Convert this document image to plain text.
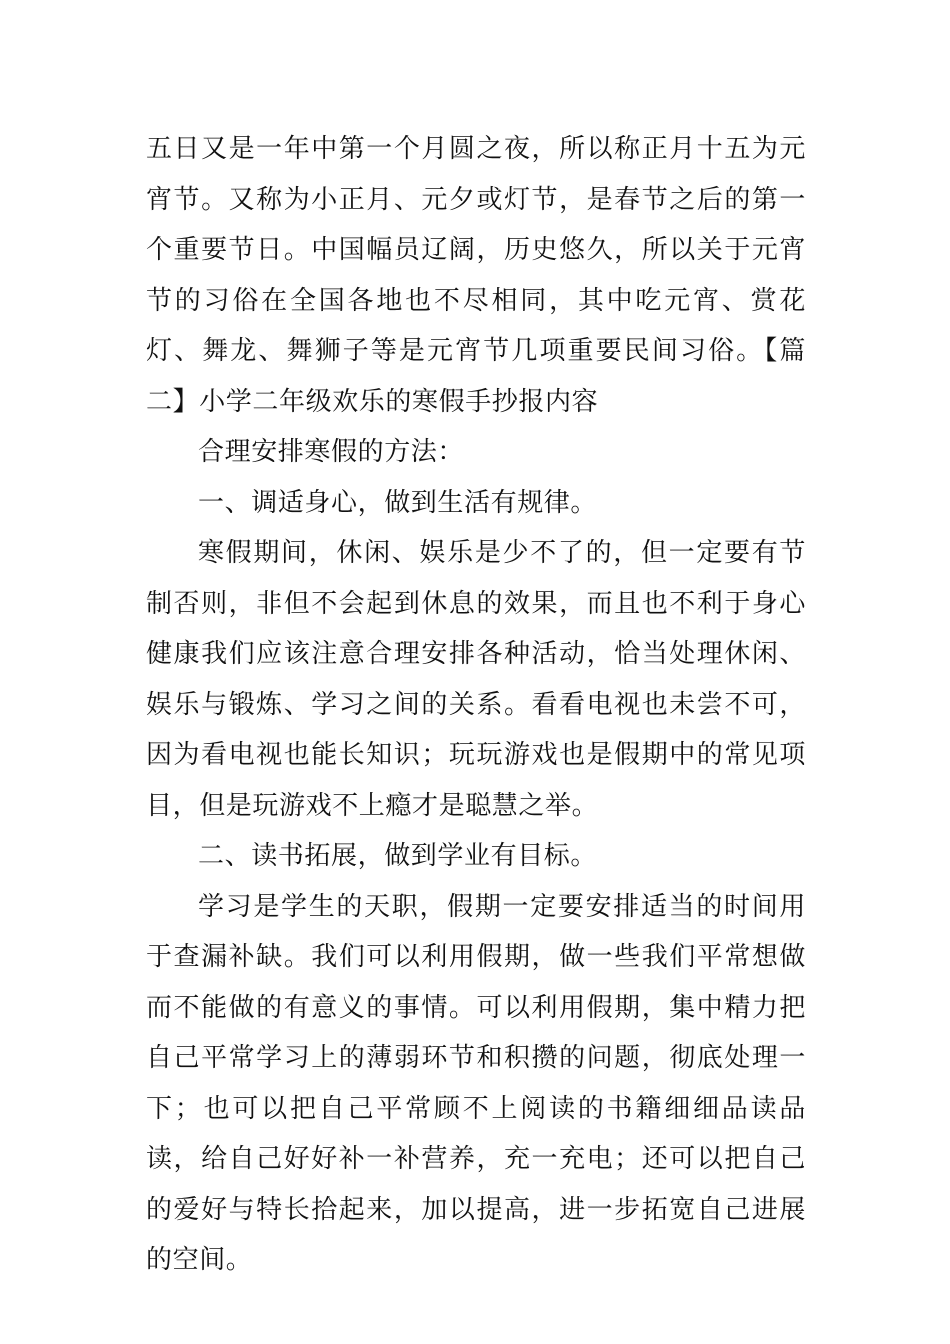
五日又是一年中第一个月圆之夜，所以称正月十五为元宵节。又称为小正月、元夕或灯节，是春节之后的第一个重要节日。中国幅员辽阔，历史悠久，所以关于元宵节的习俗在全国各地也不尽相同，其中吃元宵、赏花灯、舞龙、舞狮子等是元宵节几项重要民间习俗。【篇二】小学二年级欢乐的寒假手抄报内容

合理安排寒假的方法：

一、调适身心，做到生活有规律。

寒假期间，休闲、娱乐是少不了的，但一定要有节制否则，非但不会起到休息的效果，而且也不利于身心健康我们应该注意合理安排各种活动，恰当处理休闲、娱乐与锻炼、学习之间的关系。看看电视也未尝不可，因为看电视也能长知识；玩玩游戏也是假期中的常见项目，但是玩游戏不上瘾才是聪慧之举。

二、读书拓展，做到学业有目标。

学习是学生的天职，假期一定要安排适当的时间用于查漏补缺。我们可以利用假期，做一些我们平常想做而不能做的有意义的事情。可以利用假期，集中精力把自己平常学习上的薄弱环节和积攒的问题，彻底处理一下；也可以把自己平常顾不上阅读的书籍细细品读品读，给自己好好补一补营养，充一充电；还可以把自己的爱好与特长拾起来，加以提高，进一步拓宽自己进展的空间。
